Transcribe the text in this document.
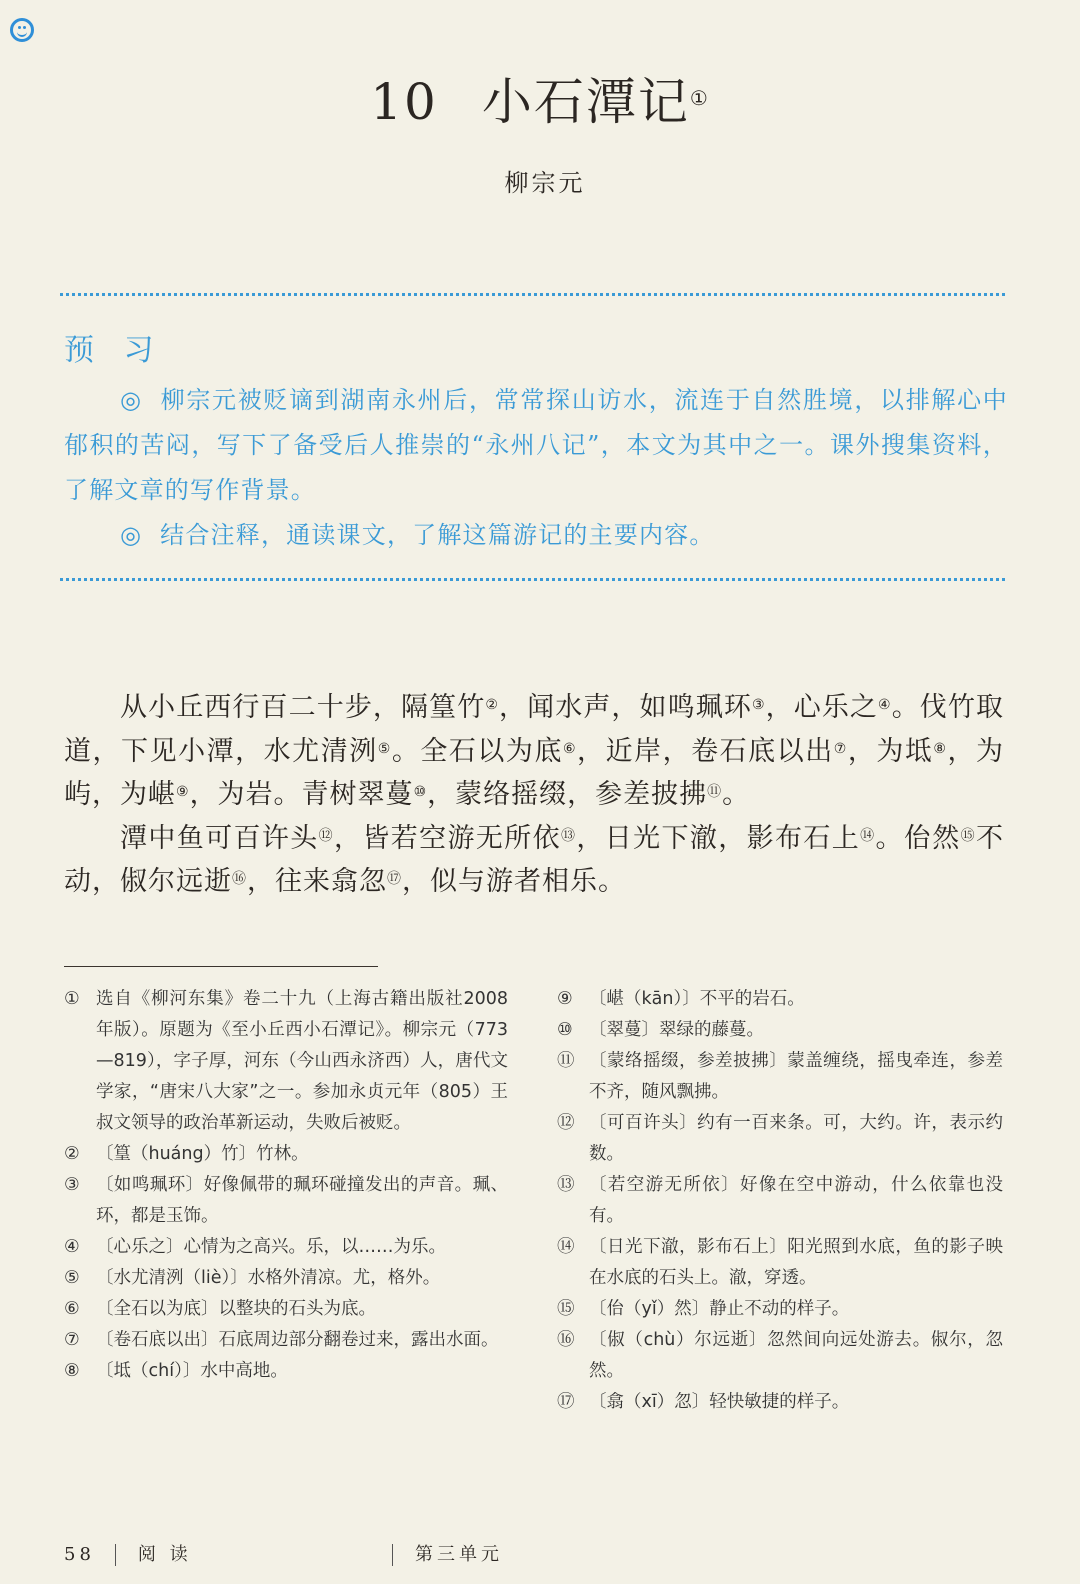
10 小石潭记①
柳宗元
预 习

◎ 柳宗元被贬谪到湖南永州后，常常探山访水，流连于自然胜境，以排解心中郁积的苦闷，写下了备受后人推崇的“永州八记”，本文为其中之一。课外搜集资料，了解文章的写作背景。

◎ 结合注释，通读课文，了解这篇游记的主要内容。

从小丘西行百二十步，隔篁竹②，闻水声，如鸣珮环③，心乐之④。伐竹取道，下见小潭，水尤清洌⑤。全石以为底⑥，近岸，卷石底以出⑦，为坻⑧，为屿，为嵁⑨，为岩。青树翠蔓⑩，蒙络摇缀，参差披拂⑪。

潭中鱼可百许头⑫，皆若空游无所依⑬，日光下澈，影布石上⑭。佁然⑮不动，俶尔远逝⑯，往来翕忽⑰，似与游者相乐。

① 选自《柳河东集》卷二十九（上海古籍出版社2008年版）。原题为《至小丘西小石潭记》。柳宗元（773—819），字子厚，河东（今山西永济西）人，唐代文学家，“唐宋八大家”之一。参加永贞元年（805）王叔文领导的政治革新运动，失败后被贬。
② 〔篁（huáng）竹〕竹林。
③ 〔如鸣珮环〕好像佩带的珮环碰撞发出的声音。珮、环，都是玉饰。
④ 〔心乐之〕心情为之高兴。乐，以……为乐。
⑤ 〔水尤清洌（liè）〕水格外清凉。尤，格外。
⑥ 〔全石以为底〕以整块的石头为底。
⑦ 〔卷石底以出〕石底周边部分翻卷过来，露出水面。
⑧ 〔坻（chí）〕水中高地。
⑨ 〔嵁（kān）〕不平的岩石。
⑩ 〔翠蔓〕翠绿的藤蔓。
⑪ 〔蒙络摇缀，参差披拂〕蒙盖缠绕，摇曳牵连，参差不齐，随风飘拂。
⑫ 〔可百许头〕约有一百来条。可，大约。许，表示约数。
⑬ 〔若空游无所依〕好像在空中游动，什么依靠也没有。
⑭ 〔日光下澈，影布石上〕阳光照到水底，鱼的影子映在水底的石头上。澈，穿透。
⑮ 〔佁（yǐ）然〕静止不动的样子。
⑯ 〔俶（chù）尔远逝〕忽然间向远处游去。俶尔，忽然。
⑰ 〔翕（xī）忽〕轻快敏捷的样子。
58 阅 读	第三单元
